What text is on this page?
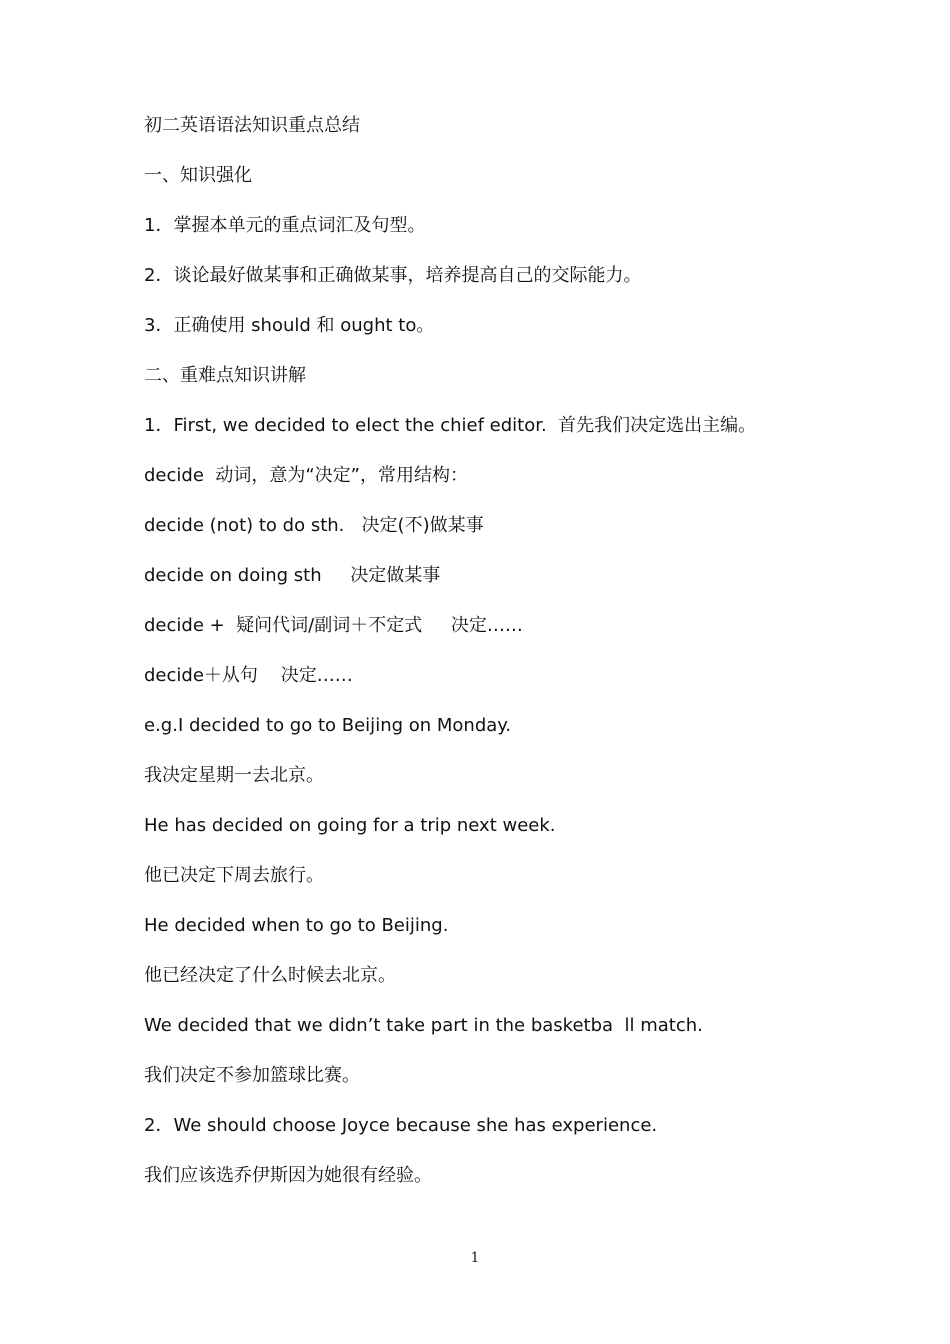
初二英语语法知识重点总结
一、知识强化
1．掌握本单元的重点词汇及句型。
2．谈论最好做某事和正确做某事，培养提高自己的交际能力。
3．正确使用 should 和 ought to。
二、重难点知识讲解
1．First, we decided to elect the chief editor.  首先我们决定选出主编。
decide  动词，意为“决定”，常用结构：
decide (not) to do sth.   决定(不)做某事
decide on doing sth     决定做某事
decide +  疑问代词/副词＋不定式     决定……
decide＋从句    决定……
e.g.I decided to go to Beijing on Monday.
我决定星期一去北京。
He has decided on going for a trip next week.
他已决定下周去旅行。
He decided when to go to Beijing.
他已经决定了什么时候去北京。
We decided that we didn’t take part in the basketba  ll match.
我们决定不参加篮球比赛。
2．We should choose Joyce because she has experience.
我们应该选乔伊斯因为她很有经验。
1
